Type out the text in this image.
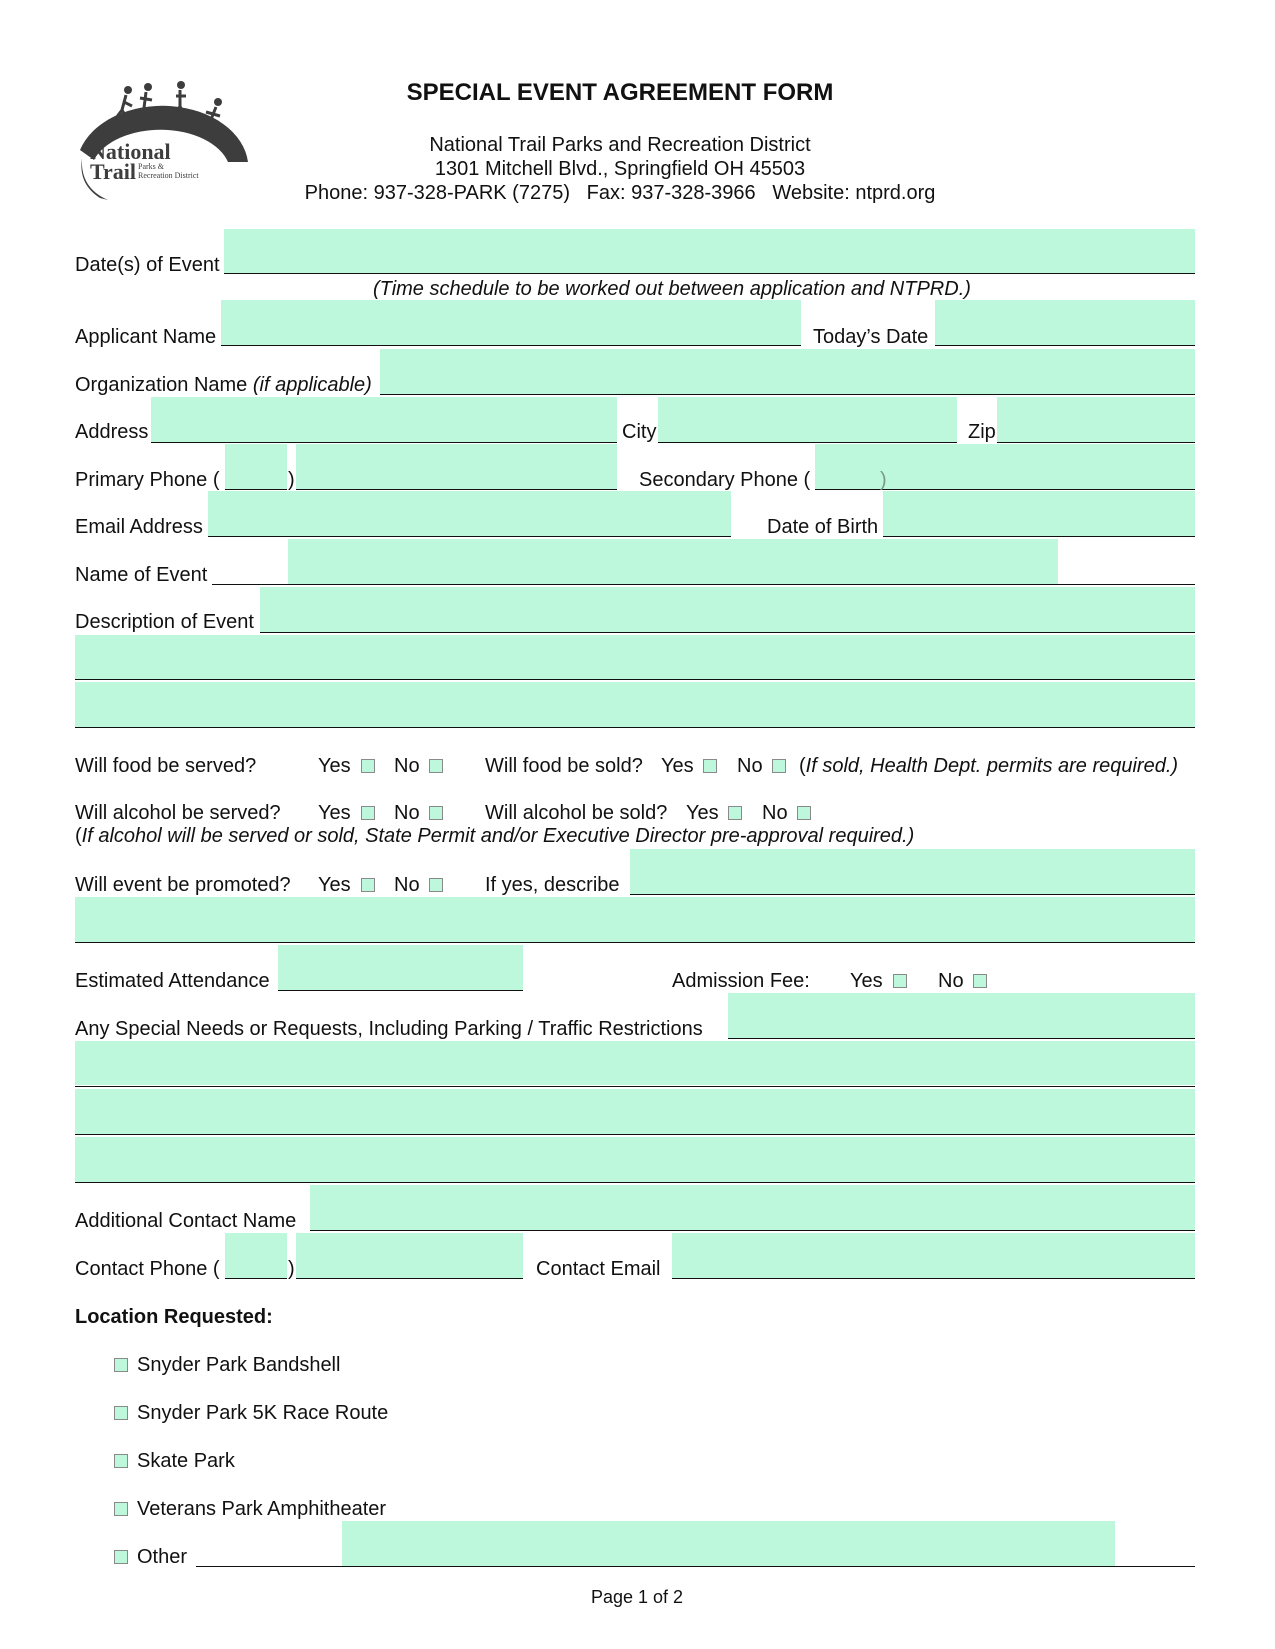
National
Trail Parks &
Recreation District
SPECIAL EVENT AGREEMENT FORM
National Trail Parks and Recreation District
1301 Mitchell Blvd., Springfield OH 45503
Phone: 937-328-PARK (7275)   Fax: 937-328-3966   Website: ntprd.org
Date(s) of Event
(Time schedule to be worked out between application and NTPRD.)
Applicant Name	Today’s Date
Organization Name (if applicable)
Address	City	Zip
Primary Phone (	)	Secondary Phone (	)
Email Address	Date of Birth
Name of Event
Description of Event
Will food be served?	Yes No	Will food be sold? Yes No (If sold, Health Dept. permits are required.)
Will alcohol be served? Yes No	Will alcohol be sold? Yes No
(If alcohol will be served or sold, State Permit and/or Executive Director pre-approval required.)
Will event be promoted? Yes No	If yes, describe
Estimated Attendance	Admission Fee: Yes	No
Any Special Needs or Requests, Including Parking / Traffic Restrictions
Additional Contact Name
Contact Phone (	)	Contact Email
Location Requested:
Snyder Park Bandshell
Snyder Park 5K Race Route
Skate Park
Veterans Park Amphitheater
Other
Page 1 of 2
